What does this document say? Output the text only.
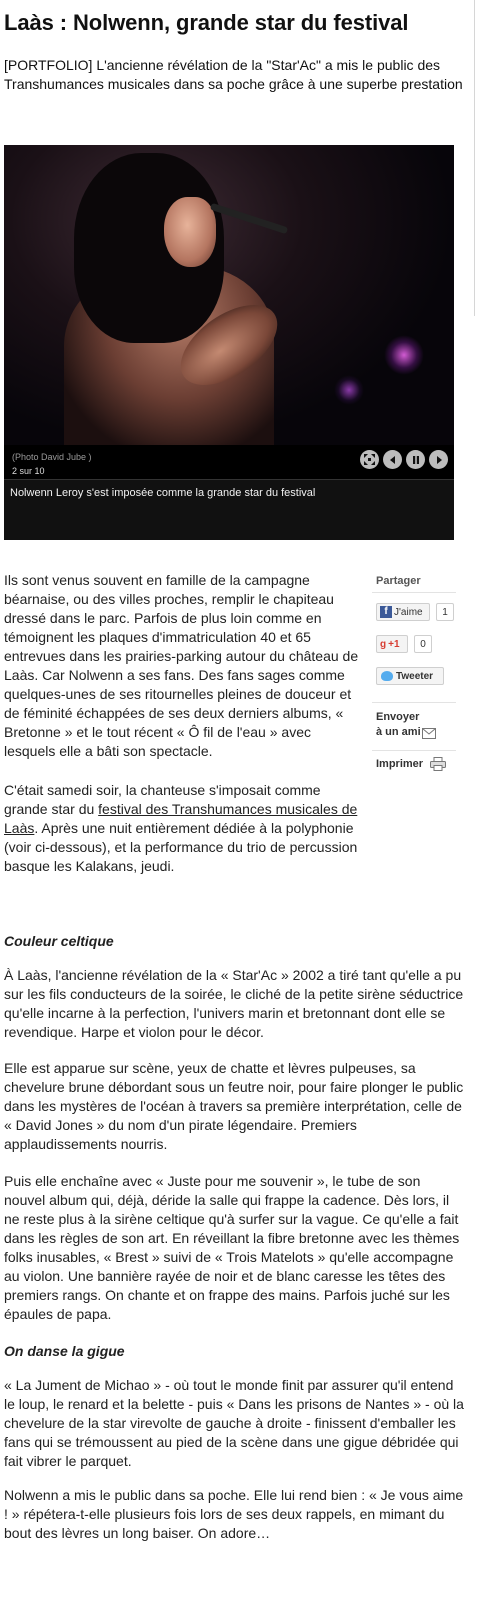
Laàs : Nolwenn, grande star du festival

[PORTFOLIO] L'ancienne révélation de la "Star'Ac" a mis le public des Transhumances musicales dans sa poche grâce à une superbe prestation

(Photo David Jube )
2 sur 10
Nolwenn Leroy s'est imposée comme la grande star du festival

Ils sont venus souvent en famille de la campagne béarnaise, ou des villes proches, remplir le chapiteau dressé dans le parc. Parfois de plus loin comme en témoignent les plaques d'immatriculation 40 et 65 entrevues dans les prairies-parking autour du château de Laàs. Car Nolwenn a ses fans. Des fans sages comme quelques-unes de ses ritournelles pleines de douceur et de féminité échappées de ses deux derniers albums, « Bretonne » et le tout récent « Ô fil de l'eau » avec lesquels elle a bâti son spectacle.

C'était samedi soir, la chanteuse s'imposait comme grande star du festival des Transhumances musicales de Laàs. Après une nuit entièrement dédiée à la polyphonie (voir ci-dessous), et la performance du trio de percussion basque les Kalakans, jeudi.

Couleur celtique

À Laàs, l'ancienne révélation de la « Star'Ac » 2002 a tiré tant qu'elle a pu sur les fils conducteurs de la soirée, le cliché de la petite sirène séductrice qu'elle incarne à la perfection, l'univers marin et bretonnant dont elle se revendique. Harpe et violon pour le décor.

Elle est apparue sur scène, yeux de chatte et lèvres pulpeuses, sa chevelure brune débordant sous un feutre noir, pour faire plonger le public dans les mystères de l'océan à travers sa première interprétation, celle de « David Jones » du nom d'un pirate légendaire. Premiers applaudissements nourris.

Puis elle enchaîne avec « Juste pour me souvenir », le tube de son nouvel album qui, déjà, déride la salle qui frappe la cadence. Dès lors, il ne reste plus à la sirène celtique qu'à surfer sur la vague. Ce qu'elle a fait dans les règles de son art. En réveillant la fibre bretonne avec les thèmes folks inusables, « Brest » suivi de « Trois Matelots » qu'elle accompagne au violon. Une bannière rayée de noir et de blanc caresse les têtes des premiers rangs. On chante et on frappe des mains. Parfois juché sur les épaules de papa.

On danse la gigue

« La Jument de Michao » - où tout le monde finit par assurer qu'il entend le loup, le renard et la belette - puis « Dans les prisons de Nantes » - où la chevelure de la star virevolte de gauche à droite - finissent d'emballer les fans qui se trémoussent au pied de la scène dans une gigue débridée qui fait vibrer le parquet.

Nolwenn a mis le public dans sa poche. Elle lui rend bien : « Je vous aime ! » répétera-t-elle plusieurs fois lors de ses deux rappels, en mimant du bout des lèvres un long baiser. On adore…

Partager
f J'aime	1
g +1	0
Tweeter
Envoyer à un ami
Imprimer
